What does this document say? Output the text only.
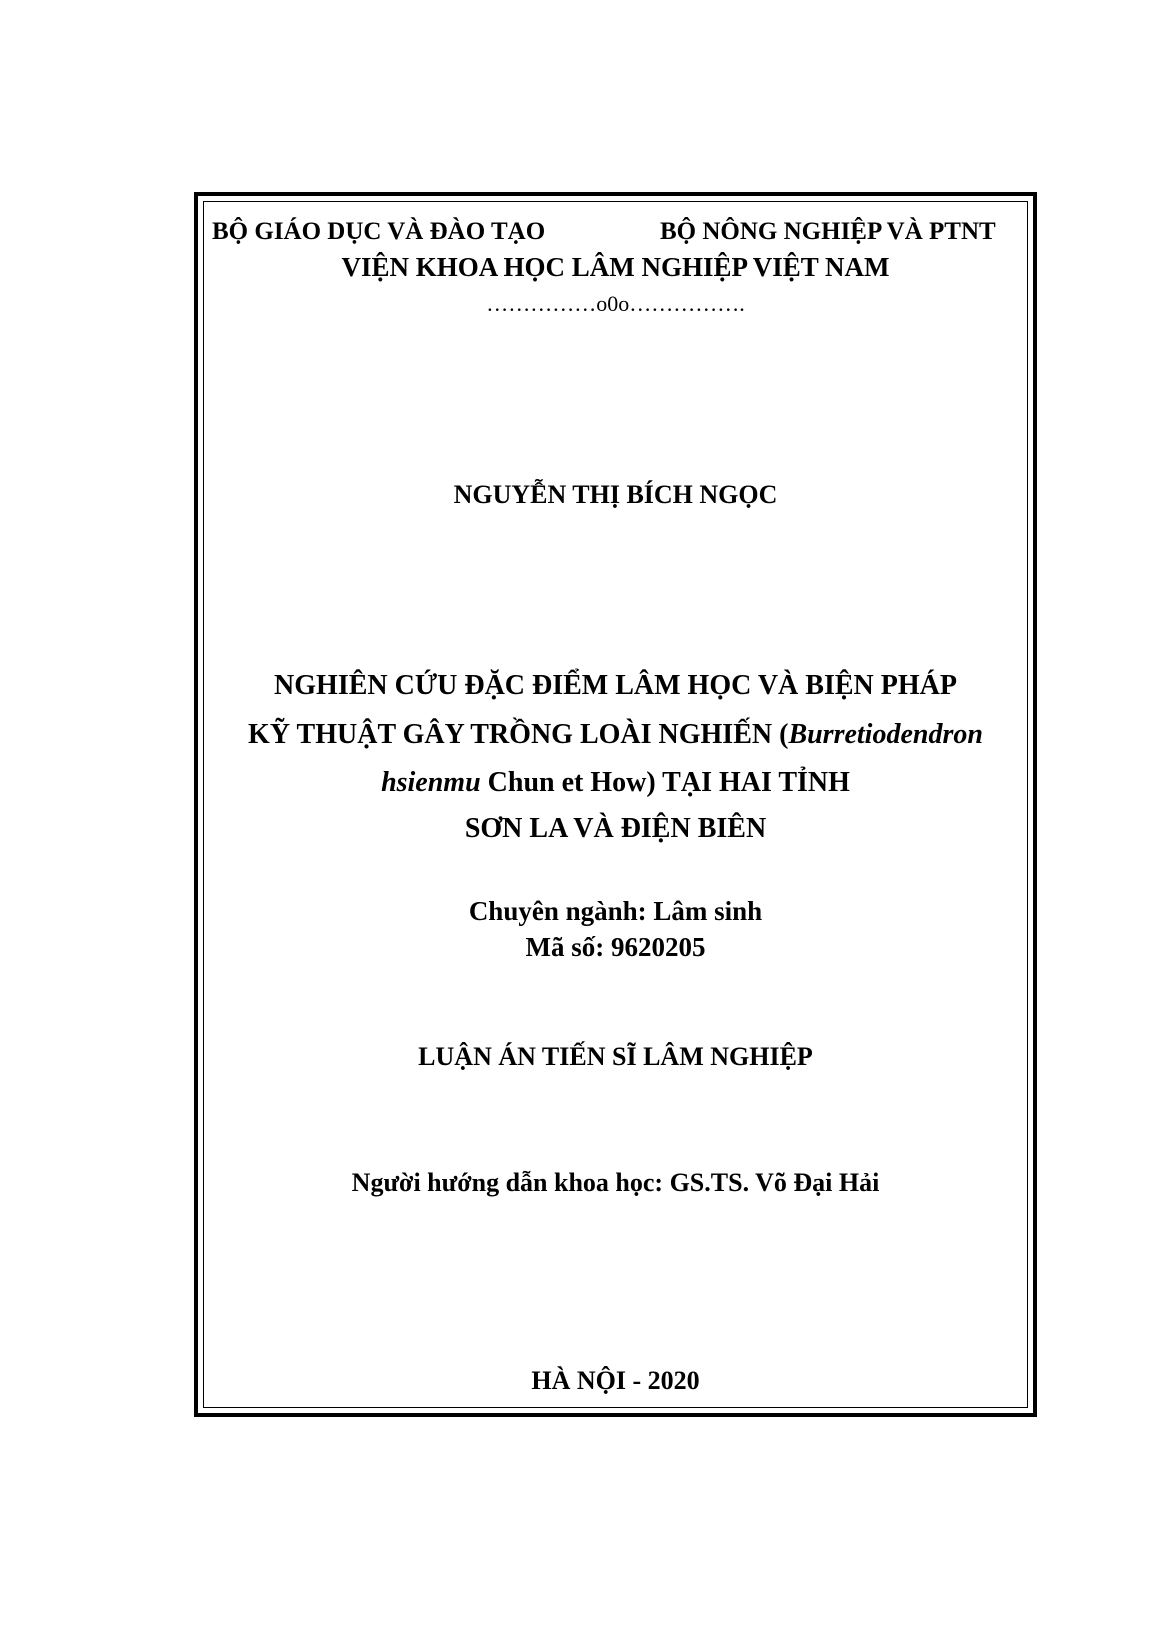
BỘ GIÁO DỤC VÀ ĐÀO TẠO	BỘ NÔNG NGHIỆP VÀ PTNT
VIỆN KHOA HỌC LÂM NGHIỆP VIỆT NAM
……………o0o…………….
NGUYỄN THỊ BÍCH NGỌC
NGHIÊN CỨU ĐẶC ĐIỂM LÂM HỌC VÀ BIỆN PHÁP
KỸ THUẬT GÂY TRỒNG LOÀI NGHIẾN (Burretiodendron
hsienmu Chun et How) TẠI HAI TỈNH
SƠN LA VÀ ĐIỆN BIÊN
Chuyên ngành: Lâm sinh
Mã số: 9620205
LUẬN ÁN TIẾN SĨ LÂM NGHIỆP
Người hướng dẫn khoa học: GS.TS. Võ Đại Hải
HÀ NỘI - 2020
